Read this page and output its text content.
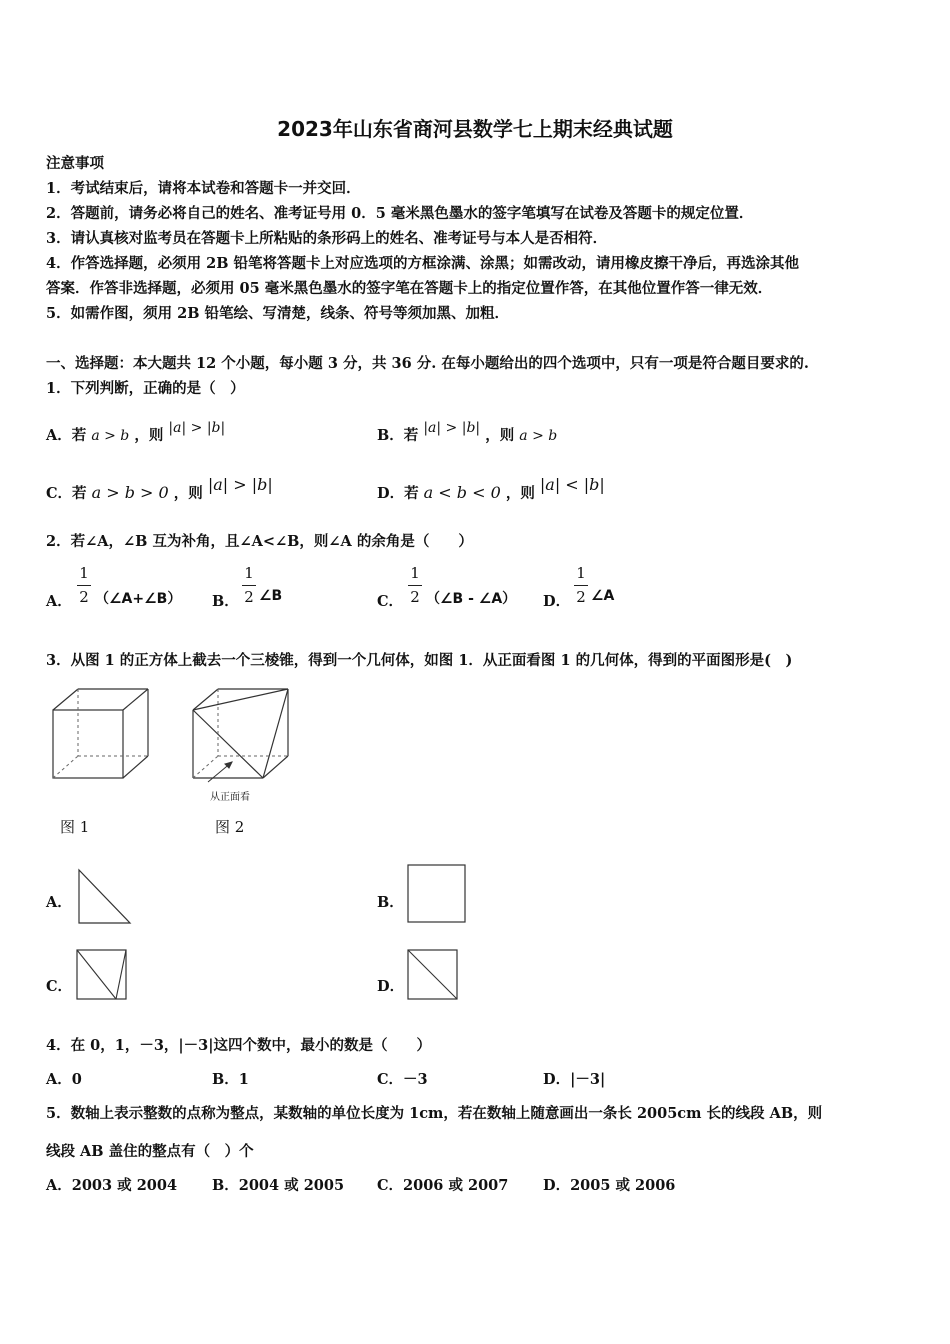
2023年山东省商河县数学七上期末经典试题
注意事项
1．考试结束后，请将本试卷和答题卡一并交回．
2．答题前，请务必将自己的姓名、准考证号用 0．5 毫米黑色墨水的签字笔填写在试卷及答题卡的规定位置．
3．请认真核对监考员在答题卡上所粘贴的条形码上的姓名、准考证号与本人是否相符．
4．作答选择题，必须用 2B 铅笔将答题卡上对应选项的方框涂满、涂黑；如需改动，请用橡皮擦干净后，再选涂其他
答案．作答非选择题，必须用 05 毫米黑色墨水的签字笔在答题卡上的指定位置作答，在其他位置作答一律无效．
5．如需作图，须用 2B 铅笔绘、写清楚，线条、符号等须加黑、加粗．
一、选择题：本大题共 12 个小题，每小题 3 分，共 36 分. 在每小题给出的四个选项中，只有一项是符合题目要求的.
1．下列判断，正确的是（　）
A．若 a > b ，则 |a| > |b|	B．若 |a| > |b| ，则 a > b
C．若 a > b > 0 ，则 |a| > |b|	D．若 a < b < 0 ，则 |a| < |b|
2．若∠A，∠B 互为补角，且∠A<∠B，则∠A 的余角是（　　）
A．
1
2 （∠A+∠B） B．
1
2 ∠B	C．
1
2 （∠B - ∠A） D．
1
2 ∠A
3．从图 1 的正方体上截去一个三棱锥，得到一个几何体，如图 1．从正面看图 1 的几何体，得到的平面图形是(　)
从正面看
图 1	图 2
A．	B．
C．	D．
4．在 0，1，－3，|－3|这四个数中，最小的数是（　　）
A．0	B．1	C．－3	D．|－3|
5．数轴上表示整数的点称为整点，某数轴的单位长度为 1cm，若在数轴上随意画出一条长 2005cm 长的线段 AB，则
线段 AB 盖住的整点有（　）个
A．2003 或 2004 B．2004 或 2005 C．2006 或 2007 D．2005 或 2006
